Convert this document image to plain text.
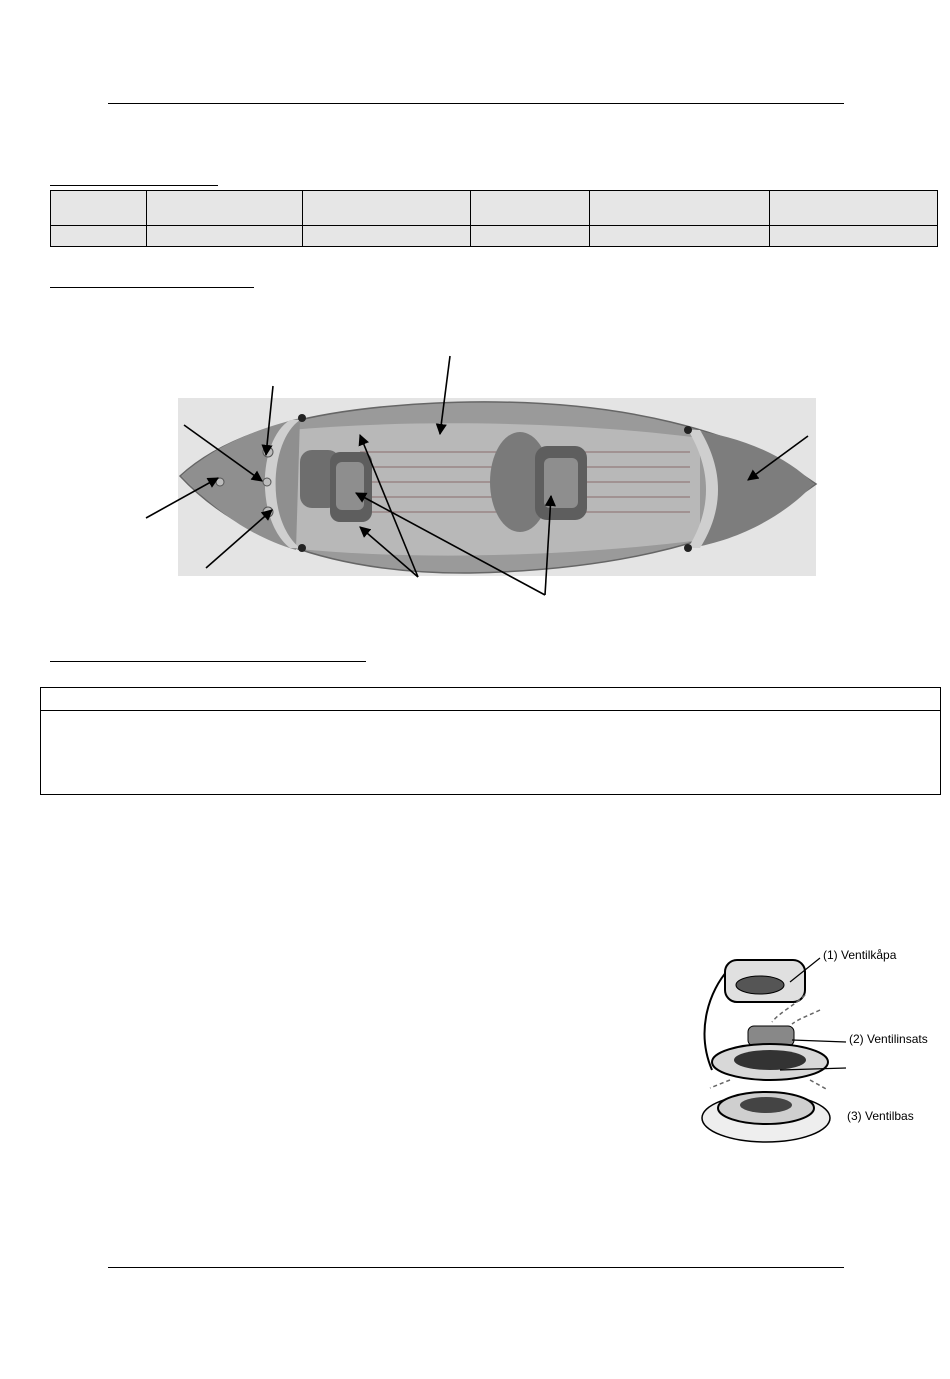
(1) Ventilkåpa
(2) Ventilinsats
(3) Ventilbas
